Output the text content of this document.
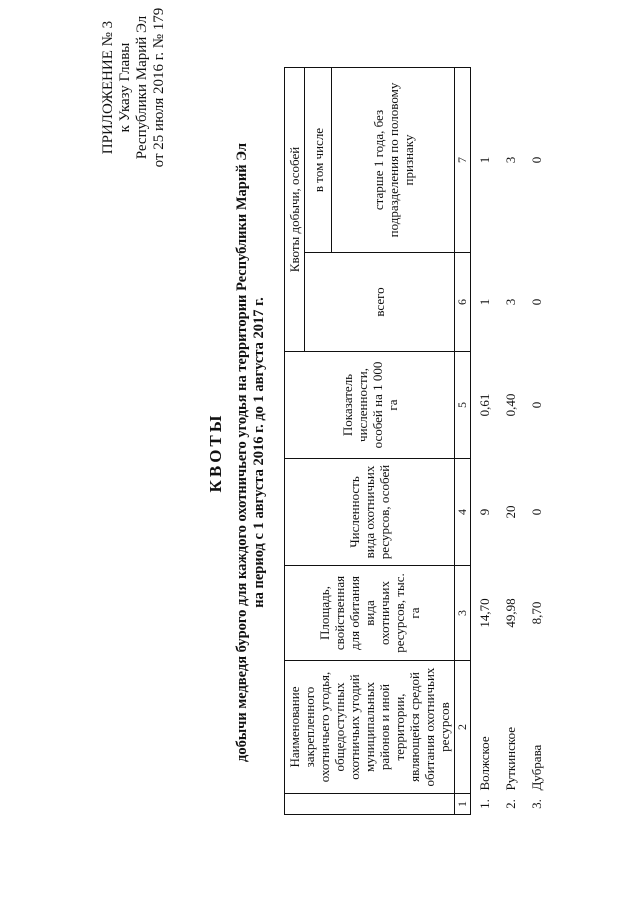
ПРИЛОЖЕНИЕ № 3 к Указу Главы Республики Марий Эл от 25 июля 2016 г. № 179
КВОТЫ добычи медведя бурого для каждого охотничьего угодья на территории Республики Марий Эл на период с 1 августа 2016 г. до 1 августа 2017 г.
	Наименование закрепленного охотничьего угодья, общедоступных охотничьих угодий муниципальных районов и иной территории, являющейся средой обитания охотничьих ресурсов	Площадь, свойственная для обитания вида охотничьих ресурсов, тыс. га	Численность вида охотничьих ресурсов, особей	Показатель численности, особей на 1 000 га	Квоты добычи, особей	
					всего	в том числе
						старше 1 года, без подразделения по половому признаку
1	2	3	4	5	6	7
1.	Волжское	14,70	9	0,61	1	1
2.	Руткинское	49,98	20	0,40	3	3
3.	Дубрава	8,70	0	0	0	0
